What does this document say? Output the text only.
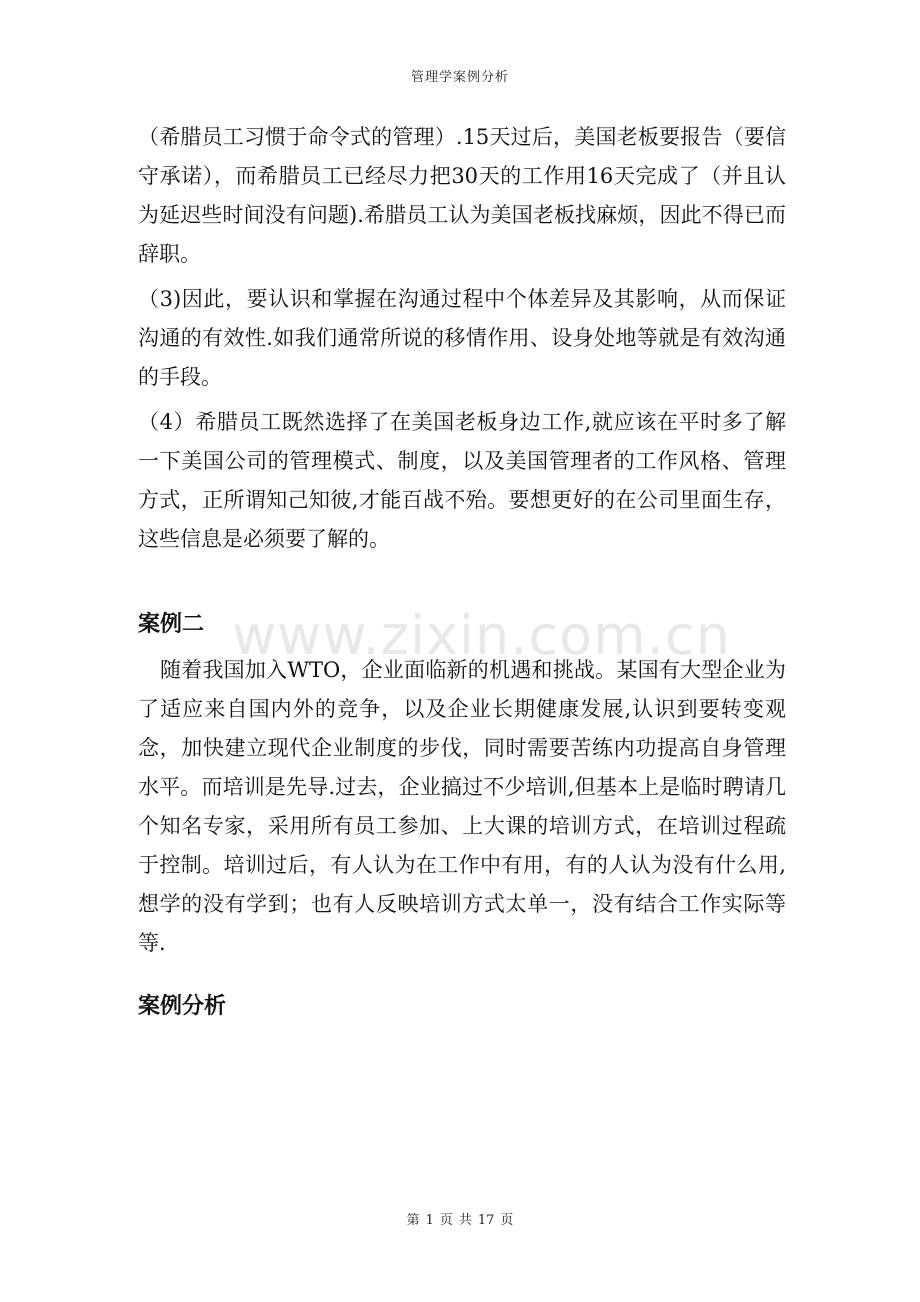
管理学案例分析

（希腊员工习惯于命令式的管理）.15天过后，美国老板要报告（要信守承诺），而希腊员工已经尽力把30天的工作用16天完成了（并且认为延迟些时间没有问题).希腊员工认为美国老板找麻烦，因此不得已而辞职。

（3)因此，要认识和掌握在沟通过程中个体差异及其影响，从而保证沟通的有效性.如我们通常所说的移情作用、设身处地等就是有效沟通的手段。

（4）希腊员工既然选择了在美国老板身边工作,就应该在平时多了解一下美国公司的管理模式、制度，以及美国管理者的工作风格、管理方式，正所谓知己知彼,才能百战不殆。要想更好的在公司里面生存，这些信息是必须要了解的。

案例二

随着我国加入WTO，企业面临新的机遇和挑战。某国有大型企业为了适应来自国内外的竞争，以及企业长期健康发展,认识到要转变观念，加快建立现代企业制度的步伐，同时需要苦练内功提高自身管理水平。而培训是先导.过去，企业搞过不少培训,但基本上是临时聘请几个知名专家，采用所有员工参加、上大课的培训方式，在培训过程疏于控制。培训过后，有人认为在工作中有用，有的人认为没有什么用,想学的没有学到；也有人反映培训方式太单一，没有结合工作实际等等.

案例分析
www.zixin.com.cn
第 1 页 共 17 页
